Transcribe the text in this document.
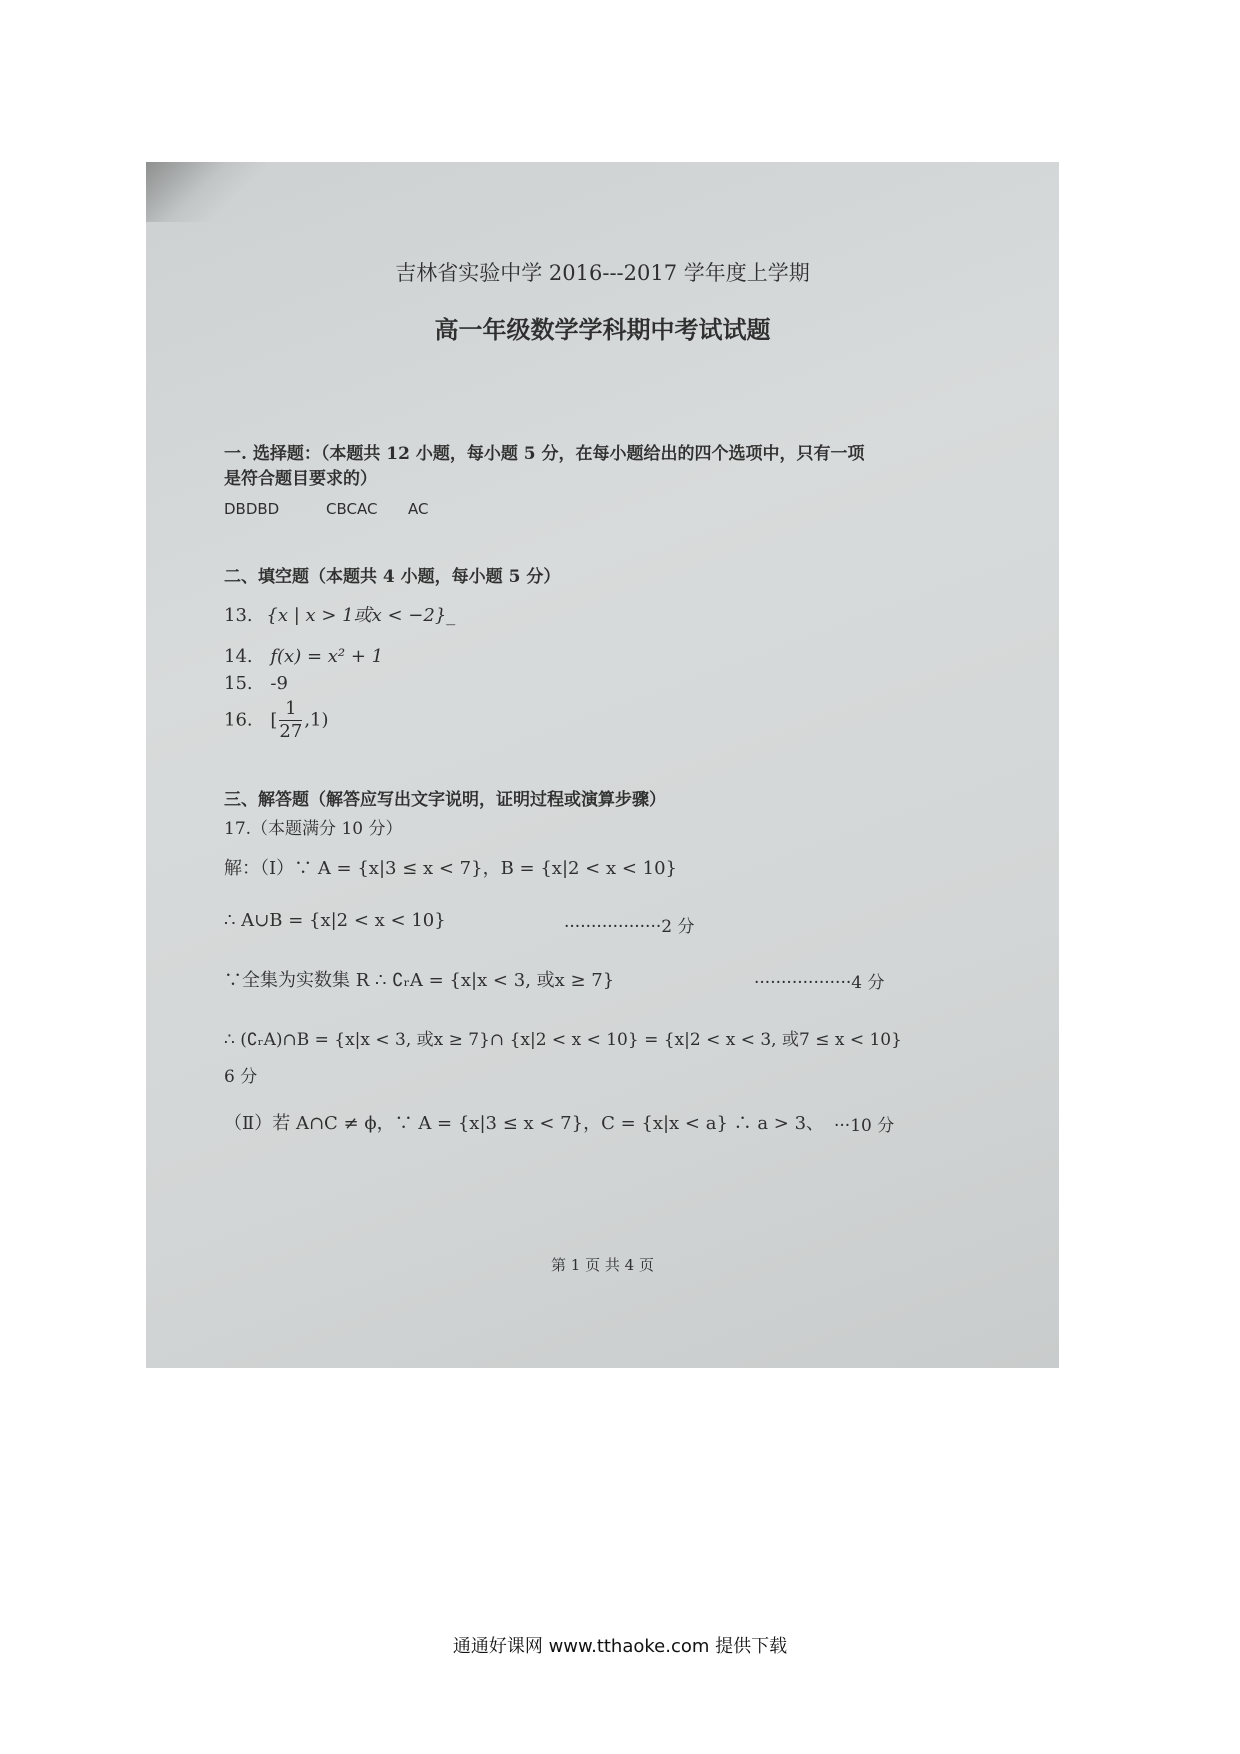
吉林省实验中学 2016---2017 学年度上学期
高一年级数学学科期中考试试题
一. 选择题：（本题共 12 小题，每小题 5 分，在每小题给出的四个选项中，只有一项
是符合题目要求的）
DBDBD	CBCAC AC
二、填空题（本题共 4 小题，每小题 5 分）
13. {x | x > 1或x < −2}_
14. f(x) = x² + 1
15. -9
16. [ $\frac{1}{27} ,1$)
三、解答题（解答应写出文字说明，证明过程或演算步骤）
17.（本题满分 10 分）
解：（Ⅰ）∵ A = {x|3 ≤ x < 7}，B = {x|2 < x < 10}
∴ A∪B = {x|2 < x < 10}	··················2 分
∵全集为实数集 R ∴ ∁ᵣA = {x|x < 3, 或x ≥ 7}	··················4 分
∴ (∁ᵣA)∩B = {x|x < 3, 或x ≥ 7}∩ {x|2 < x < 10} = {x|2 < x < 3, 或7 ≤ x < 10}
6 分
（Ⅱ）若 A∩C ≠ ϕ，∵ A = {x|3 ≤ x < 7}，C = {x|x < a} ∴ a > 3、 ···10 分
第 1 页 共 4 页
通通好课网 www.tthaoke.com 提供下载
